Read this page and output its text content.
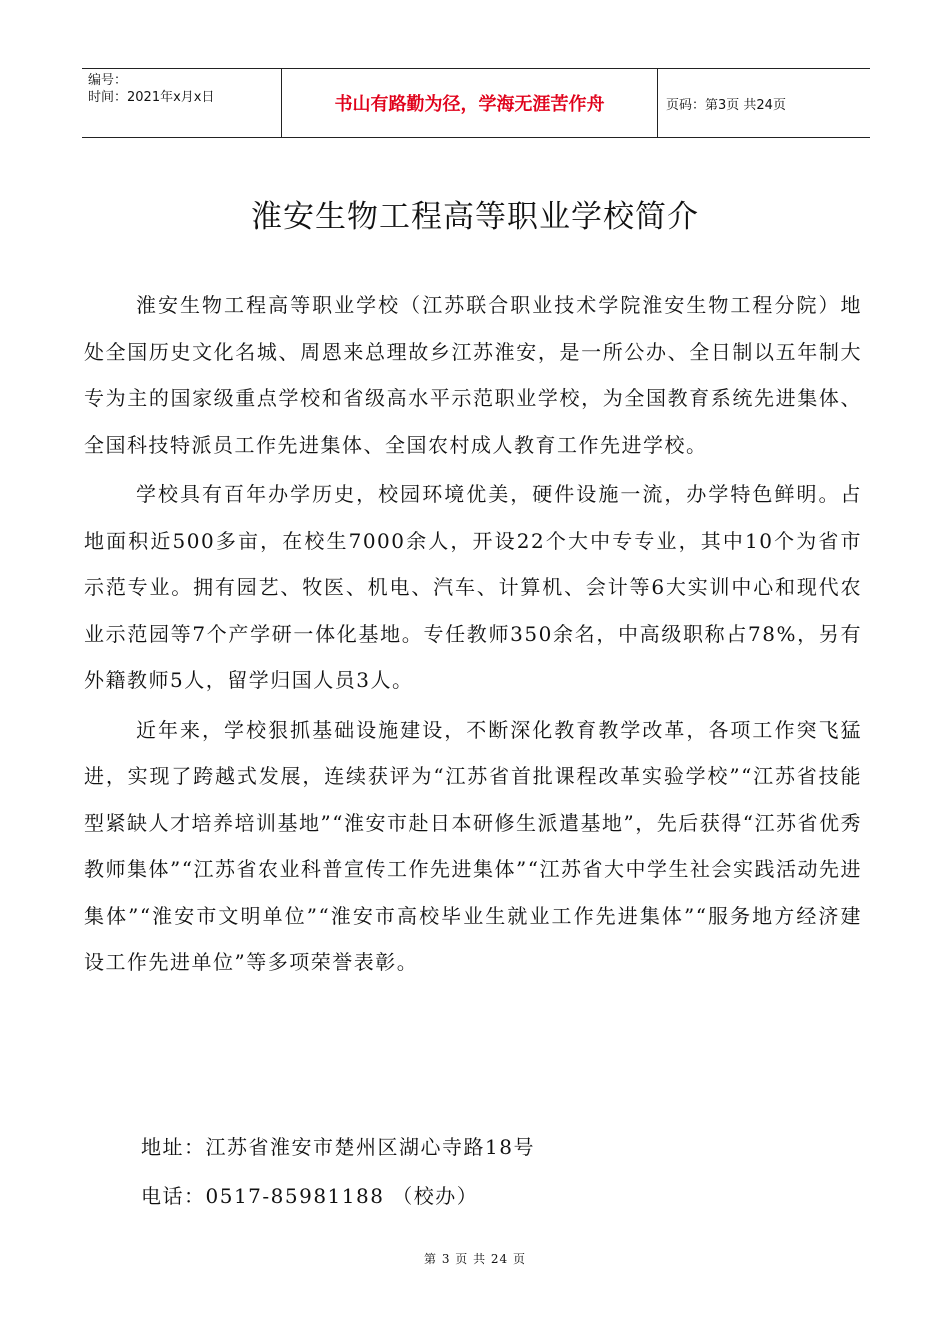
编号：
时间：2021年x月x日	书山有路勤为径，学海无涯苦作舟	页码：第3页 共24页
淮安生物工程高等职业学校简介

淮安生物工程高等职业学校（江苏联合职业技术学院淮安生物工程分院）地处全国历史文化名城、周恩来总理故乡江苏淮安，是一所公办、全日制以五年制大专为主的国家级重点学校和省级高水平示范职业学校，为全国教育系统先进集体、全国科技特派员工作先进集体、全国农村成人教育工作先进学校。

学校具有百年办学历史，校园环境优美，硬件设施一流，办学特色鲜明。占地面积近500多亩，在校生7000余人，开设22个大中专专业，其中10个为省市示范专业。拥有园艺、牧医、机电、汽车、计算机、会计等6大实训中心和现代农业示范园等7个产学研一体化基地。专任教师350余名，中高级职称占78%，另有外籍教师5人，留学归国人员3人。

近年来，学校狠抓基础设施建设，不断深化教育教学改革，各项工作突飞猛进，实现了跨越式发展，连续获评为“江苏省首批课程改革实验学校”“江苏省技能型紧缺人才培养培训基地”“淮安市赴日本研修生派遣基地”，先后获得“江苏省优秀教师集体”“江苏省农业科普宣传工作先进集体”“江苏省大中学生社会实践活动先进集体”“淮安市文明单位”“淮安市高校毕业生就业工作先进集体”“服务地方经济建设工作先进单位”等多项荣誉表彰。

地址：江苏省淮安市楚州区湖心寺路18号
电话：0517-85981188 （校办）
第 3 页 共 24 页
